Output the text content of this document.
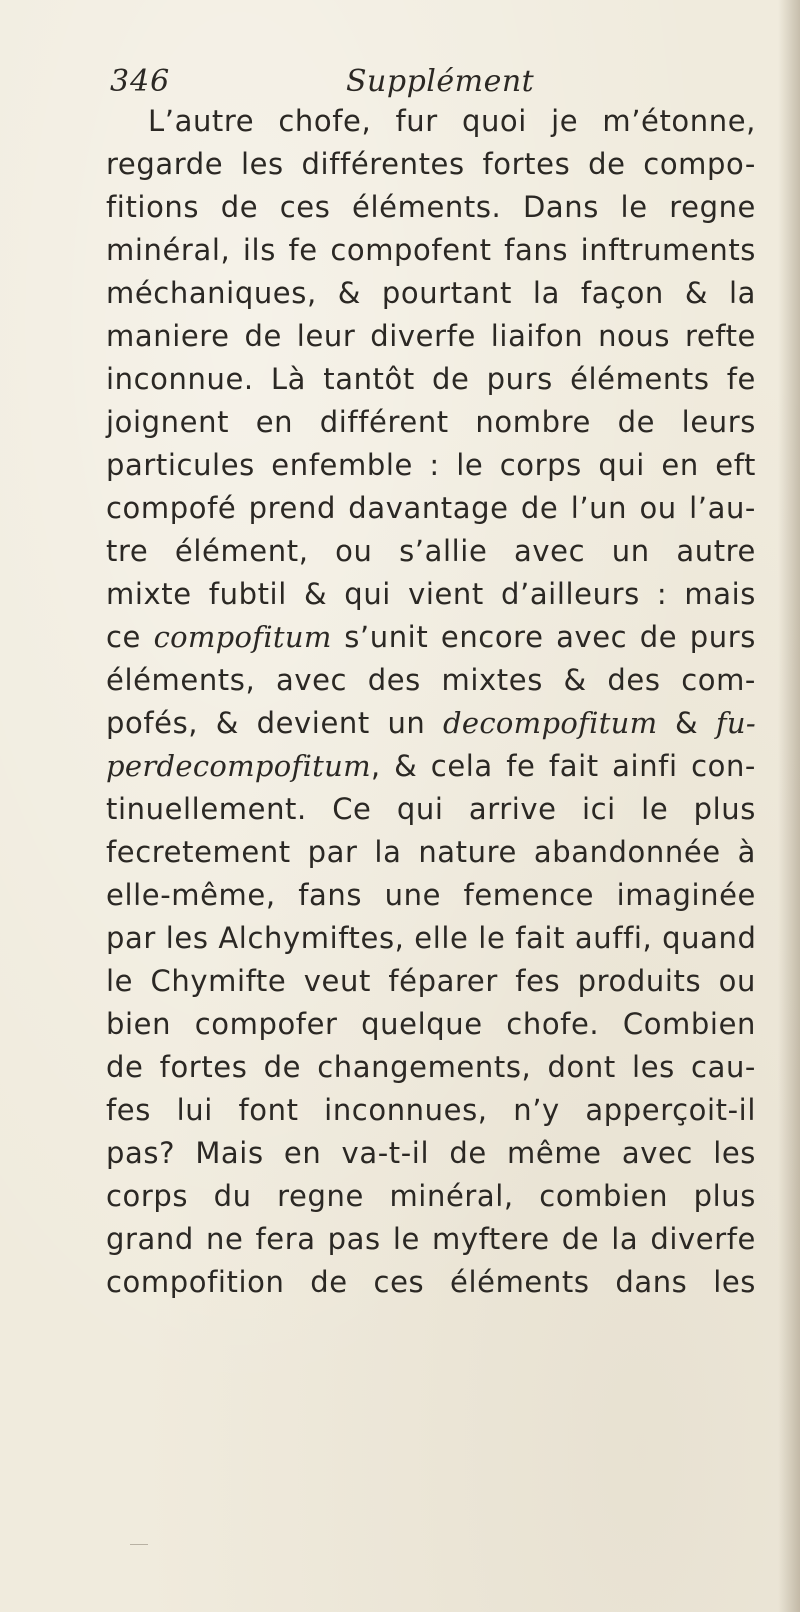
346	Supplément
L’autre chofe, fur quoi je m’étonne,
regarde les différentes fortes de compo-
fitions de ces éléments. Dans le regne
minéral, ils fe compofent fans inftruments
méchaniques, & pourtant la façon & la
maniere de leur diverfe liaifon nous refte
inconnue. Là tantôt de purs éléments fe
joignent en différent nombre de leurs
particules enfemble : le corps qui en eft
compofé prend davantage de l’un ou l’au-
tre élément, ou s’allie avec un autre
mixte fubtil & qui vient d’ailleurs : mais
ce compofitum s’unit encore avec de purs
éléments, avec des mixtes & des com-
pofés, & devient un decompofitum & fu-
perdecompofitum, & cela fe fait ainfi con-
tinuellement. Ce qui arrive ici le plus
fecretement par la nature abandonnée à
elle-même, fans une femence imaginée
par les Alchymiftes, elle le fait auffi, quand
le Chymifte veut féparer fes produits ou
bien compofer quelque chofe. Combien
de fortes de changements, dont les cau-
fes lui font inconnues, n’y apperçoit-il
pas? Mais en va-t-il de même avec les
corps du regne minéral, combien plus
grand ne fera pas le myftere de la diverfe
compofition de ces éléments dans les
